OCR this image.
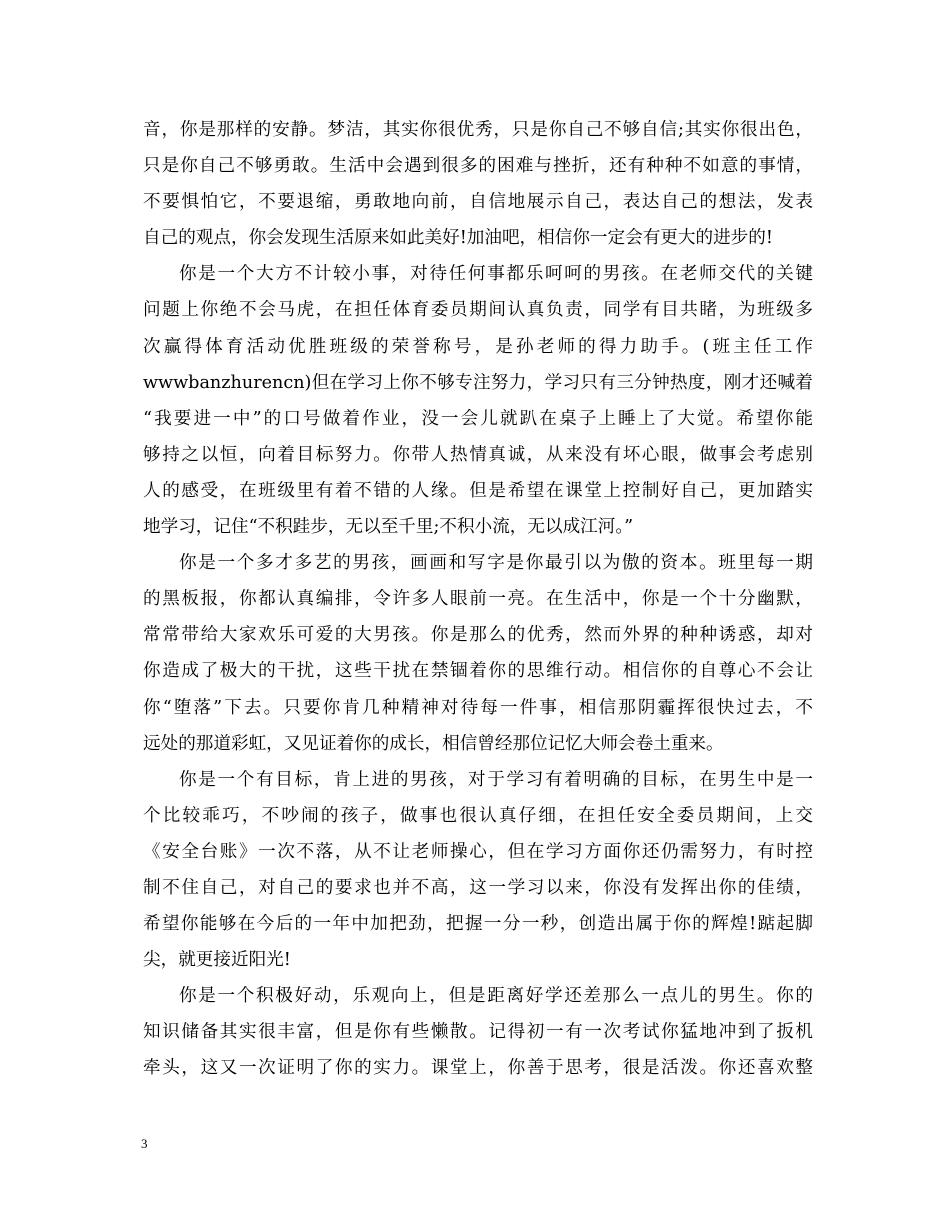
音，你是那样的安静。梦洁，其实你很优秀，只是你自己不够自信;其实你很出色，
只是你自己不够勇敢。生活中会遇到很多的困难与挫折，还有种种不如意的事情，
不要惧怕它，不要退缩，勇敢地向前，自信地展示自己，表达自己的想法，发表
自己的观点，你会发现生活原来如此美好!加油吧，相信你一定会有更大的进步的!
你是一个大方不计较小事，对待任何事都乐呵呵的男孩。在老师交代的关键
问题上你绝不会马虎，在担任体育委员期间认真负责，同学有目共睹，为班级多
次赢得体育活动优胜班级的荣誉称号，是孙老师的得力助手。(班主任工作
wwwbanzhurencn)但在学习上你不够专注努力，学习只有三分钟热度，刚才还喊着
“我要进一中”的口号做着作业，没一会儿就趴在桌子上睡上了大觉。希望你能
够持之以恒，向着目标努力。你带人热情真诚，从来没有坏心眼，做事会考虑别
人的感受，在班级里有着不错的人缘。但是希望在课堂上控制好自己，更加踏实
地学习，记住“不积跬步，无以至千里;不积小流，无以成江河。”
你是一个多才多艺的男孩，画画和写字是你最引以为傲的资本。班里每一期
的黑板报，你都认真编排，令许多人眼前一亮。在生活中，你是一个十分幽默，
常常带给大家欢乐可爱的大男孩。你是那么的优秀，然而外界的种种诱惑，却对
你造成了极大的干扰，这些干扰在禁锢着你的思维行动。相信你的自尊心不会让
你“堕落”下去。只要你肯几种精神对待每一件事，相信那阴霾挥很快过去，不
远处的那道彩虹，又见证着你的成长，相信曾经那位记忆大师会卷土重来。
你是一个有目标，肯上进的男孩，对于学习有着明确的目标，在男生中是一
个比较乖巧，不吵闹的孩子，做事也很认真仔细，在担任安全委员期间，上交
《安全台账》一次不落，从不让老师操心，但在学习方面你还仍需努力，有时控
制不住自己，对自己的要求也并不高，这一学习以来，你没有发挥出你的佳绩，
希望你能够在今后的一年中加把劲，把握一分一秒，创造出属于你的辉煌!踮起脚
尖，就更接近阳光!
你是一个积极好动，乐观向上，但是距离好学还差那么一点儿的男生。你的
知识储备其实很丰富，但是你有些懒散。记得初一有一次考试你猛地冲到了扳机
牵头，这又一次证明了你的实力。课堂上，你善于思考，很是活泼。你还喜欢整
3
